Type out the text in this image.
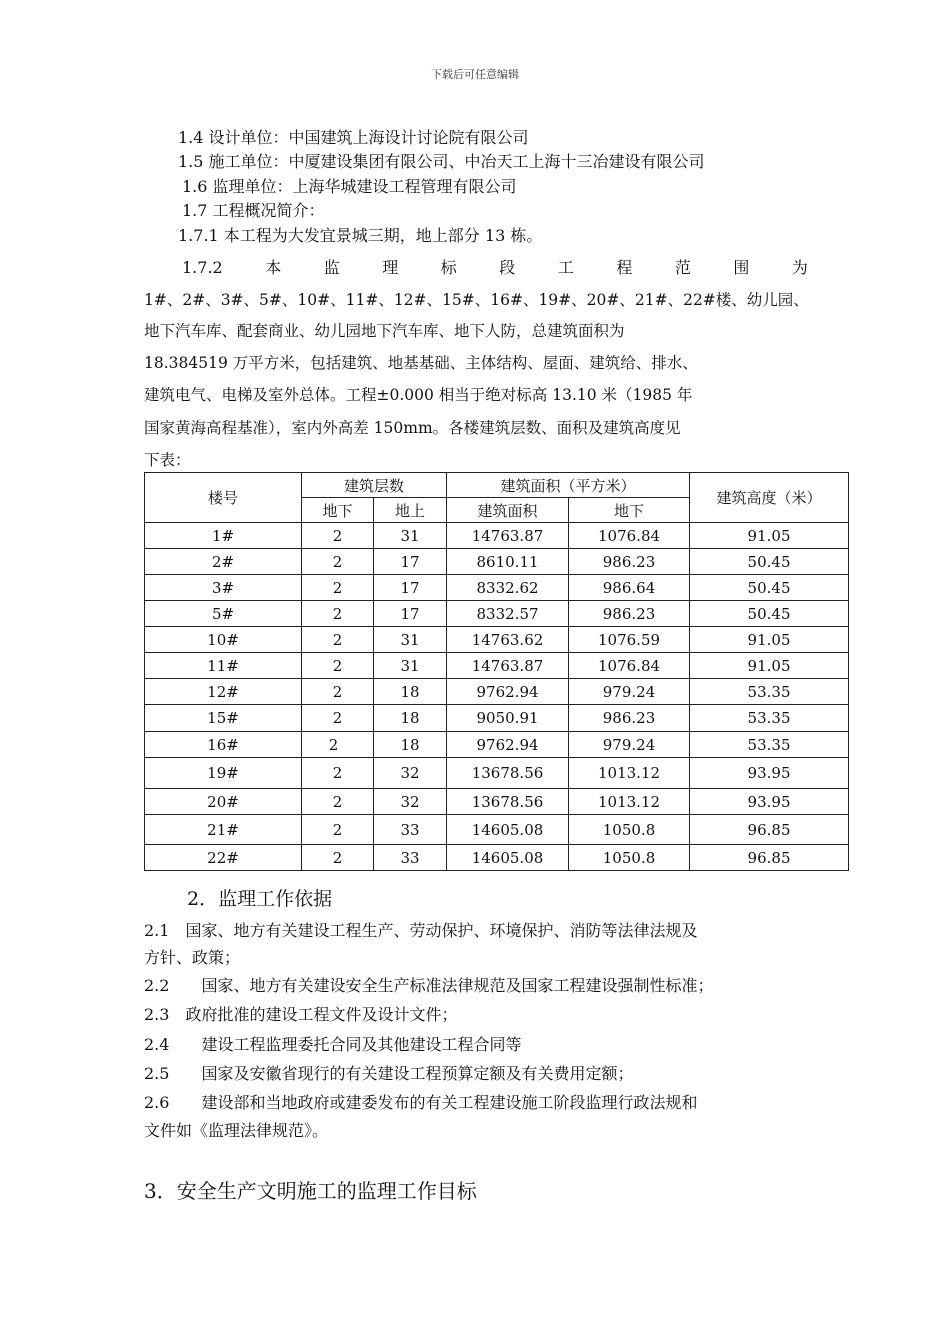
下载后可任意编辑
1.4 设计单位：中国建筑上海设计讨论院有限公司
1.5 施工单位：中厦建设集团有限公司、中冶天工上海十三冶建设有限公司
1.6 监理单位：上海华城建设工程管理有限公司
1.7 工程概况简介：
1.7.1 本工程为大发宜景城三期，地上部分 13 栋。
1.7.2	本	监	理	标	段	工	程	范	围	为
1#、2#、3#、5#、10#、11#、12#、15#、16#、19#、20#、21#、22#楼、幼儿园、
地下汽车库、配套商业、幼儿园地下汽车库、地下人防，总建筑面积为
18.384519 万平方米，包括建筑、地基基础、主体结构、屋面、建筑给、排水、
建筑电气、电梯及室外总体。工程±0.000 相当于绝对标高 13.10 米（1985 年
国家黄海高程基准），室内外高差 150mm。各楼建筑层数、面积及建筑高度见
下表：
楼号	建筑层数		建筑面积（平方米）		建筑高度（米）
	地下	地上	建筑面积	地下	
1#	2	31	14763.87	1076.84	91.05
2#	2	17	8610.11	986.23	50.45
3#	2	17	8332.62	986.64	50.45
5#	2	17	8332.57	986.23	50.45
10#	2	31	14763.62	1076.59	91.05
11#	2	31	14763.87	1076.84	91.05
12#	2	18	9762.94	979.24	53.35
15#	2	18	9050.91	986.23	53.35
16#	2	18	9762.94	979.24	53.35
19#	2	32	13678.56	1013.12	93.95
20#	2	32	13678.56	1013.12	93.95
21#	2	33	14605.08	1050.8	96.85
22#	2	33	14605.08	1050.8	96.85
2．监理工作依据
2.1　国家、地方有关建设工程生产、劳动保护、环境保护、消防等法律法规及
方针、政策；
2.2　　国家、地方有关建设安全生产标准法律规范及国家工程建设强制性标准；
2.3　政府批准的建设工程文件及设计文件；
2.4　　建设工程监理委托合同及其他建设工程合同等
2.5　　国家及安徽省现行的有关建设工程预算定额及有关费用定额；
2.6　　建设部和当地政府或建委发布的有关工程建设施工阶段监理行政法规和
文件如《监理法律规范》。
3．安全生产文明施工的监理工作目标
